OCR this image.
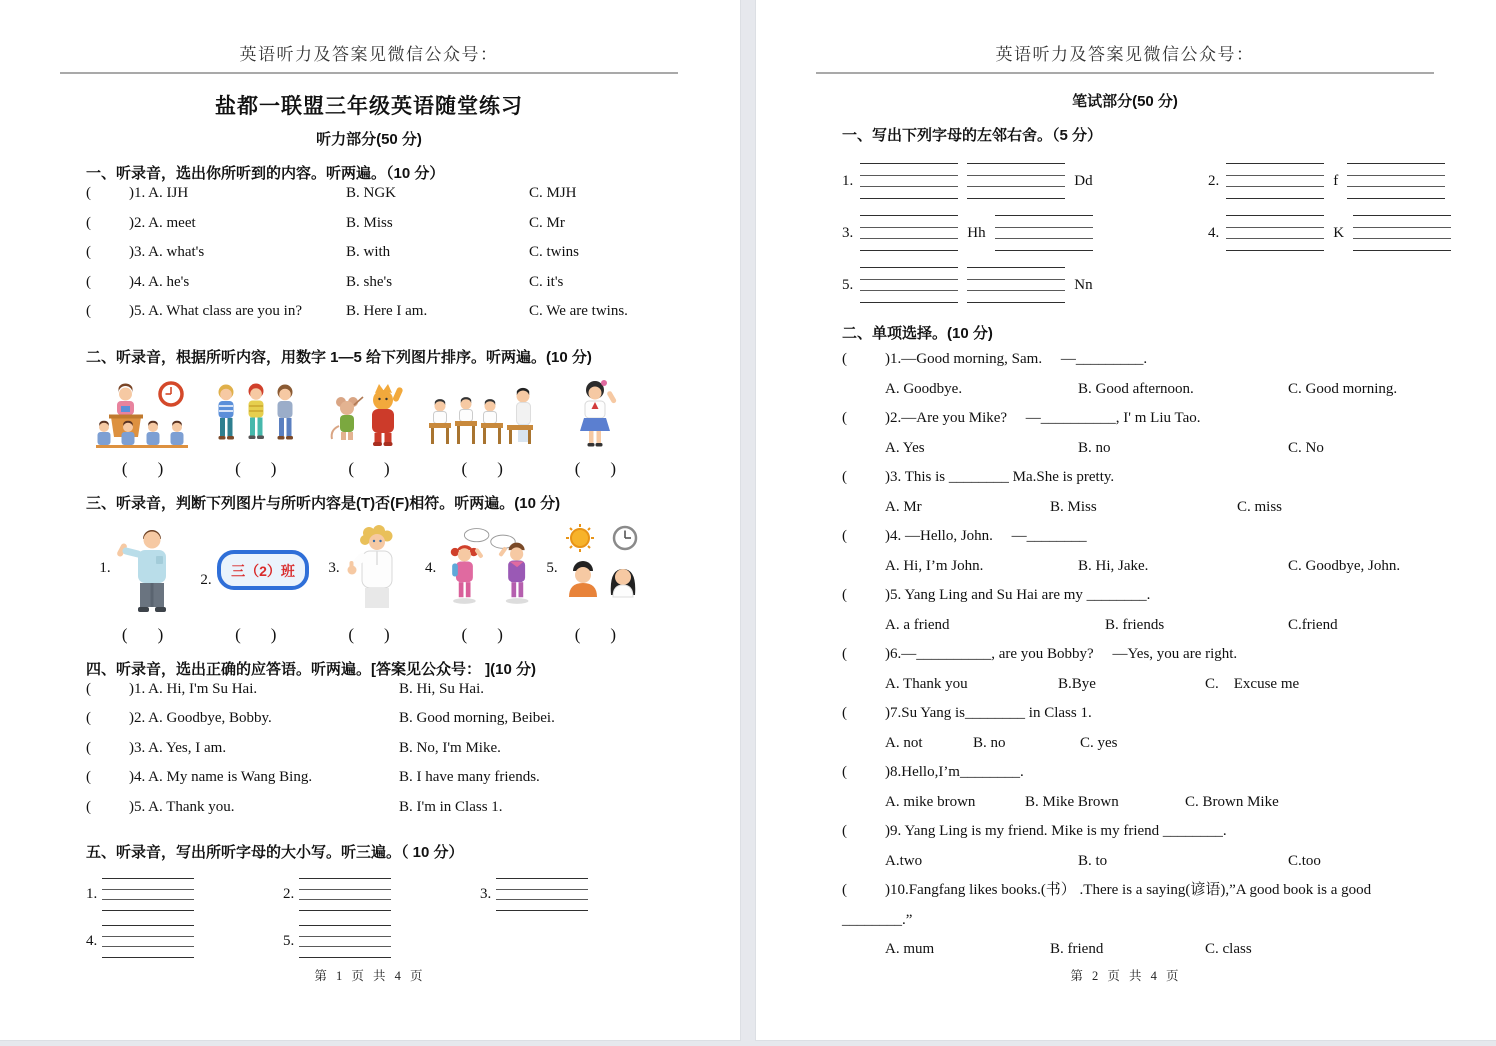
英语听力及答案见微信公众号：
盐都一联盟三年级英语随堂练习
听力部分(50 分)
一、听录音，选出你所听到的内容。听两遍。（10 分）
(	)1. A. IJH	B. NGK	C. MJH
(	)2. A. meet	B. Miss	C. Mr
(	)3. A. what's	B. with	C. twins
(	)4. A. he's	B. she's	C. it's
(	)5. A. What class are you in?	B. Here I am.	C. We are twins.
二、听录音，根据所听内容，用数字 1—5 给下列图片排序。听两遍。(10 分)
( )	( )	( )	( )	( )
三、听录音，判断下列图片与所听内容是(T)否(F)相符。听两遍。(10 分)
1.
2.
三（2）班 3.	4.	5.
( )	( )	( )	( )	( )
四、听录音，选出正确的应答语。听两遍。[答案见公众号： ](10 分)
(	)1. A. Hi, I'm Su Hai.	B. Hi, Su Hai.
(	)2. A. Goodbye, Bobby.	B. Good morning, Beibei.
(	)3. A. Yes, I am.	B. No, I'm Mike.
(	)4. A. My name is Wang Bing.	B. I have many friends.
(	)5. A. Thank you.	B. I'm in Class 1.
五、听录音，写出所听字母的大小写。听三遍。（ 10 分）
1.	2.	3.
4.	5.
第 1 页 共 4 页
英语听力及答案见微信公众号：
笔试部分(50 分)
一、写出下列字母的左邻右舍。（5 分）
1.	Dd	2.	f
3.	Hh	4.	K
5.	Nn
二、单项选择。(10 分)
(	)1.—Good morning, Sam.　 —_________.
A. Goodbye.	B. Good afternoon.	C. Good morning.
(	)2.—Are you Mike?　 —__________, I' m Liu Tao.
A. Yes	B. no	C. No
(	)3. This is ________ Ma.She is pretty.
A. Mr	B. Miss	C. miss
(	)4. —Hello, John.　 —________
A. Hi, I’m John.	B. Hi, Jake.	C. Goodbye, John.
(	)5. Yang Ling and Su Hai are my ________.
A. a friend	B. friends	C.friend
(	)6.—__________, are you Bobby?　 —Yes, you are right.
A. Thank you	B.Bye	C.　Excuse me
(	)7.Su Yang is________ in Class 1.
A. not	B. no	C. yes
(	)8.Hello,I’m________.
A. mike brown	B. Mike Brown	C. Brown Mike
(	)9. Yang Ling is my friend. Mike is my friend ________.
A.two	B. to	C.too
(	)10.Fangfang likes books.(书） .There is a saying(谚语),”A good book is a good ________.”
A. mum	B. friend	C. class
第 2 页 共 4 页
